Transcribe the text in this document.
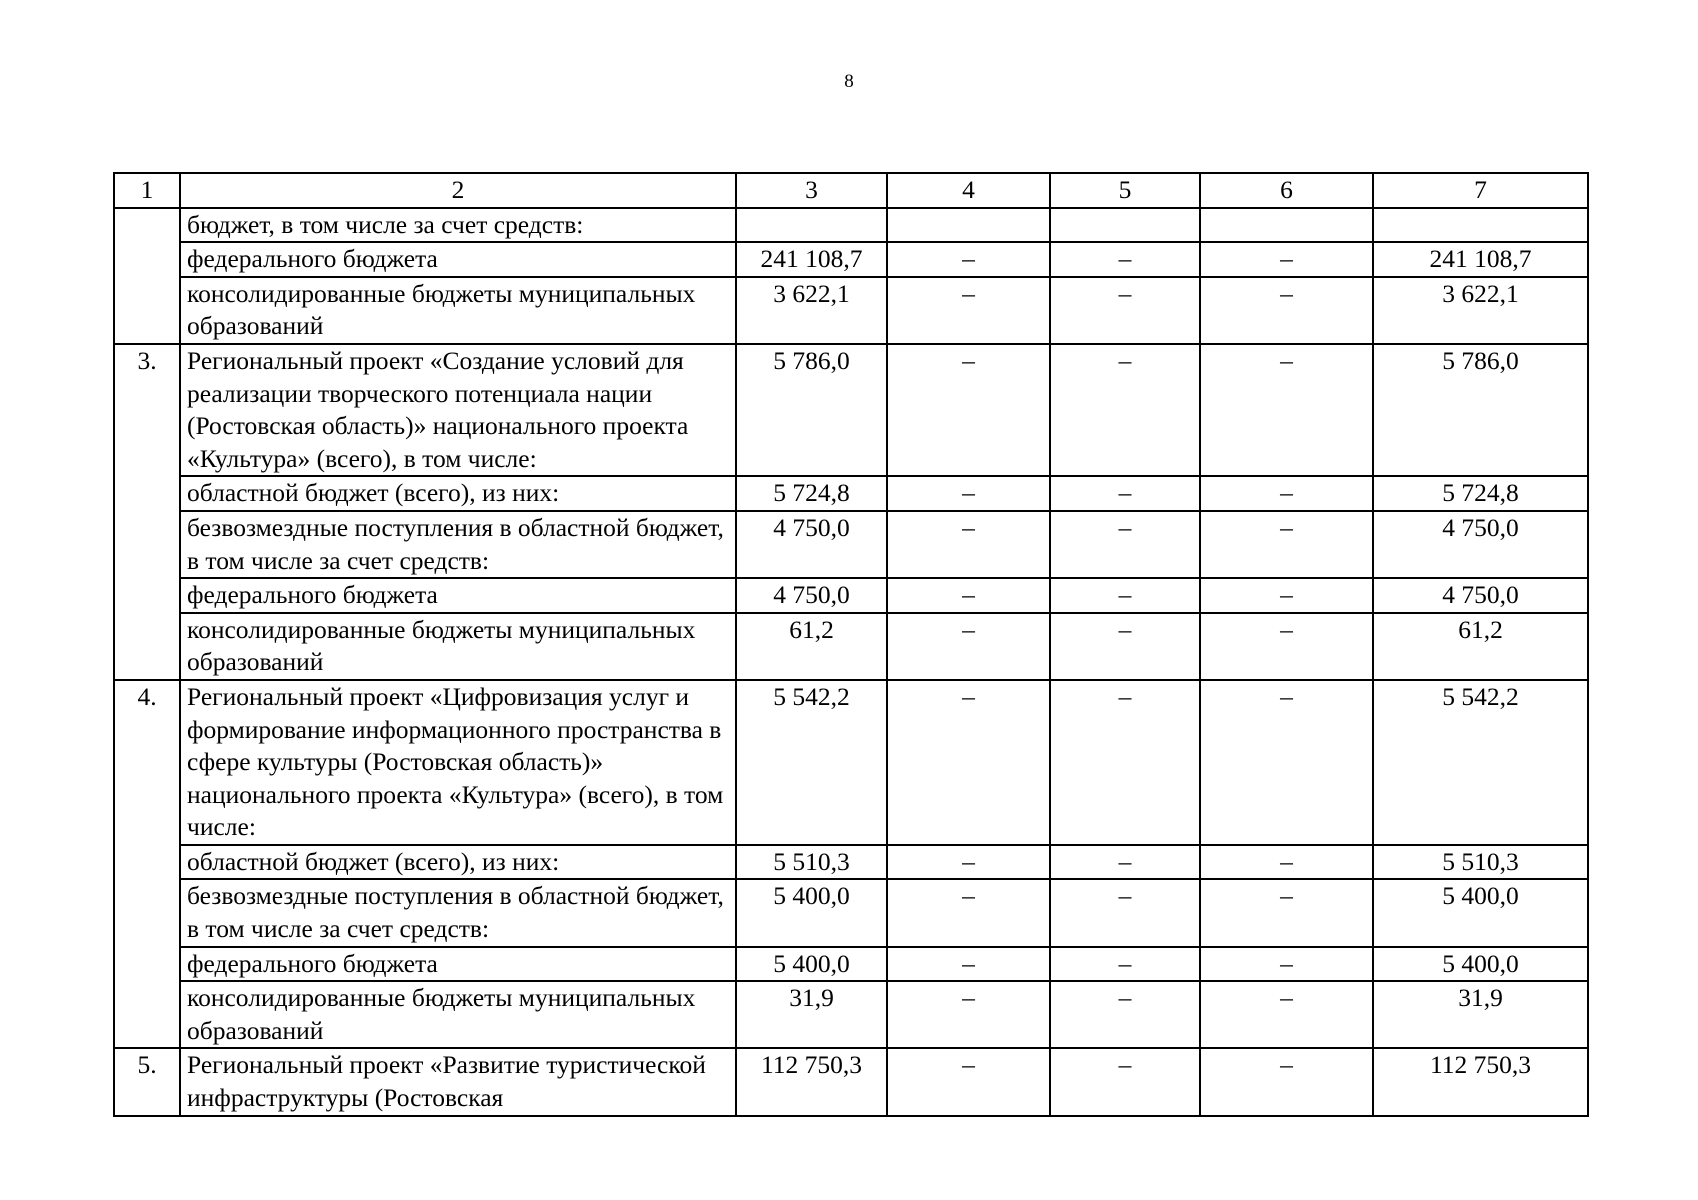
8
1	2	3	4	5	6	7
	бюджет, в том числе за счет средств:					
	федерального бюджета	241 108,7	–	–	–	241 108,7
	консолидированные бюджеты муниципальных образований	3 622,1	–	–	–	3 622,1
3.	Региональный проект «Создание условий для реализации творческого потенциала нации (Ростовская область)» национального проекта «Культура» (всего), в том числе:	5 786,0	–	–	–	5 786,0
	областной бюджет (всего), из них:	5 724,8	–	–	–	5 724,8
	безвозмездные поступления в областной бюджет, в том числе за счет средств:	4 750,0	–	–	–	4 750,0
	федерального бюджета	4 750,0	–	–	–	4 750,0
	консолидированные бюджеты муниципальных образований	61,2	–	–	–	61,2
4.	Региональный проект «Цифровизация услуг и формирование информационного пространства в сфере культуры (Ростовская область)» национального проекта «Культура» (всего), в том числе:	5 542,2	–	–	–	5 542,2
	областной бюджет (всего), из них:	5 510,3	–	–	–	5 510,3
	безвозмездные поступления в областной бюджет, в том числе за счет средств:	5 400,0	–	–	–	5 400,0
	федерального бюджета	5 400,0	–	–	–	5 400,0
	консолидированные бюджеты муниципальных образований	31,9	–	–	–	31,9
5.	Региональный проект «Развитие туристической инфраструктуры (Ростовская	112 750,3	–	–	–	112 750,3
